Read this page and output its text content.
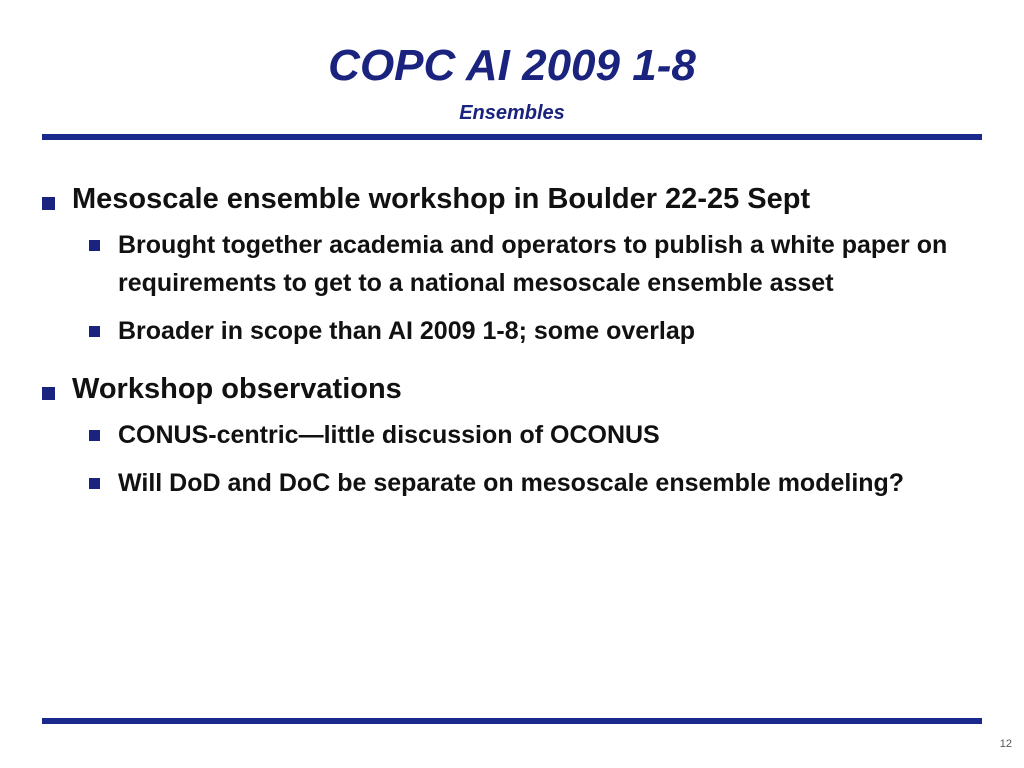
COPC AI 2009 1-8
Ensembles
Mesoscale ensemble workshop in Boulder 22-25 Sept
Brought together academia and operators to publish a white paper on requirements to get to a national mesoscale ensemble asset
Broader in scope than AI 2009 1-8; some overlap
Workshop observations
CONUS-centric—little discussion of OCONUS
Will DoD and DoC be separate on mesoscale ensemble modeling?
12
